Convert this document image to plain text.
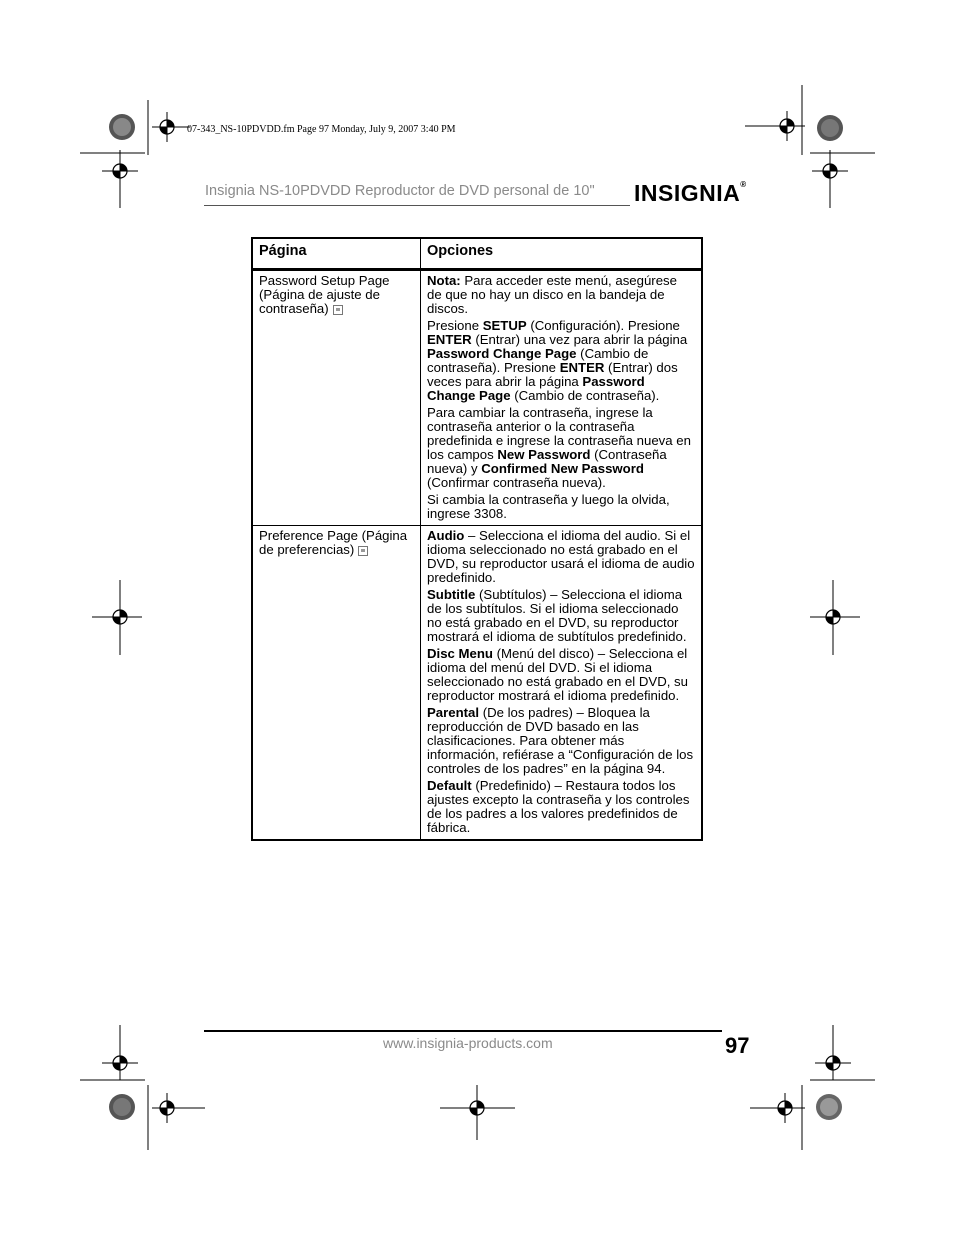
07-343_NS-10PDVDD.fm Page 97 Monday, July 9, 2007 3:40 PM
Insignia NS-10PDVDD Reproductor de DVD personal de 10" INSIGNIA®
Página	Opciones
Password Setup Page (Página de ajuste de contraseña)	Nota: Para acceder este menú, asegúrese de que no hay un disco en la bandeja de discos.
Presione SETUP (Configuración). Presione ENTER (Entrar) una vez para abrir la página Password Change Page (Cambio de contraseña). Presione ENTER (Entrar) dos veces para abrir la página Password Change Page (Cambio de contraseña).
Para cambiar la contraseña, ingrese la contraseña anterior o la contraseña predefinida e ingrese la contraseña nueva en los campos New Password (Contraseña nueva) y Confirmed New Password (Confirmar contraseña nueva).
Si cambia la contraseña y luego la olvida, ingrese 3308.

Preference Page (Página de preferencias)	Audio – Selecciona el idioma del audio. Si el idioma seleccionado no está grabado en el DVD, su reproductor usará el idioma de audio predefinido.
Subtitle (Subtítulos) – Selecciona el idioma de los subtítulos. Si el idioma seleccionado no está grabado en el DVD, su reproductor mostrará el idioma de subtítulos predefinido.
Disc Menu (Menú del disco) – Selecciona el idioma del menú del DVD. Si el idioma seleccionado no está grabado en el DVD, su reproductor mostrará el idioma predefinido.
Parental (De los padres) – Bloquea la reproducción de DVD basado en las clasificaciones. Para obtener más información, refiérase a “Configuración de los controles de los padres” en la página 94.
Default (Predefinido) – Restaura todos los ajustes excepto la contraseña y los controles de los padres a los valores predefinidos de fábrica.
www.insignia-products.com	97
